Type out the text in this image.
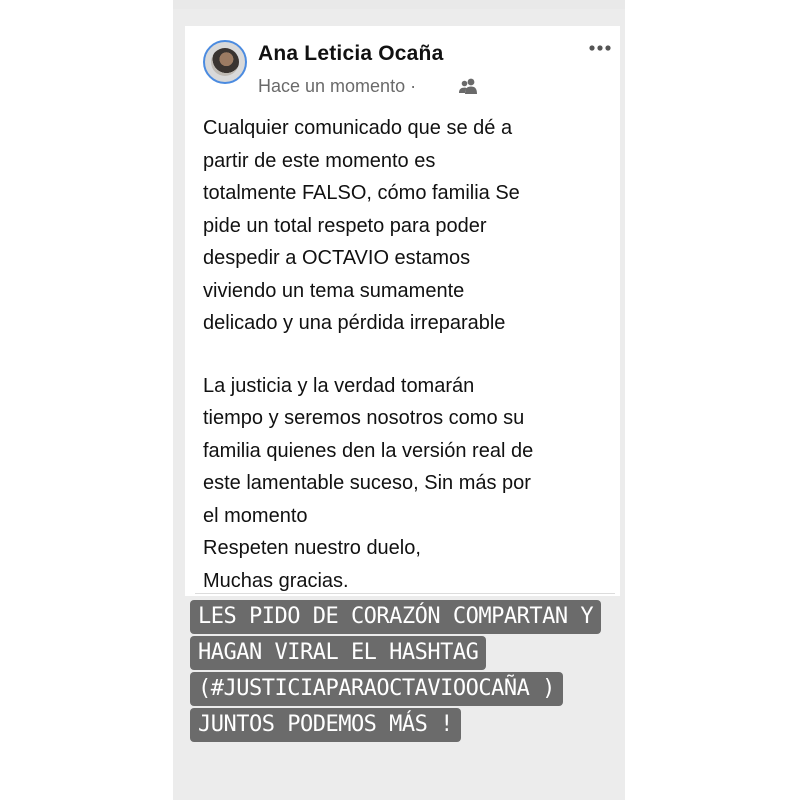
Ana Leticia Ocaña
Hace un momento ·

Cualquier comunicado que se dé a
partir de este momento es
totalmente FALSO, cómo familia Se
pide un total respeto para poder
despedir a OCTAVIO estamos
viviendo un tema sumamente
delicado y una pérdida irreparable

La justicia y la verdad tomarán
tiempo y seremos nosotros como su
familia quienes den la versión real de
este lamentable suceso, Sin más por
el momento
Respeten nuestro duelo,
Muchas gracias.

LES PIDO DE CORAZÓN COMPARTAN Y
HAGAN VIRAL EL HASHTAG
(#JUSTICIAPARAOCTAVIOOCAÑA )
JUNTOS PODEMOS MÁS !
